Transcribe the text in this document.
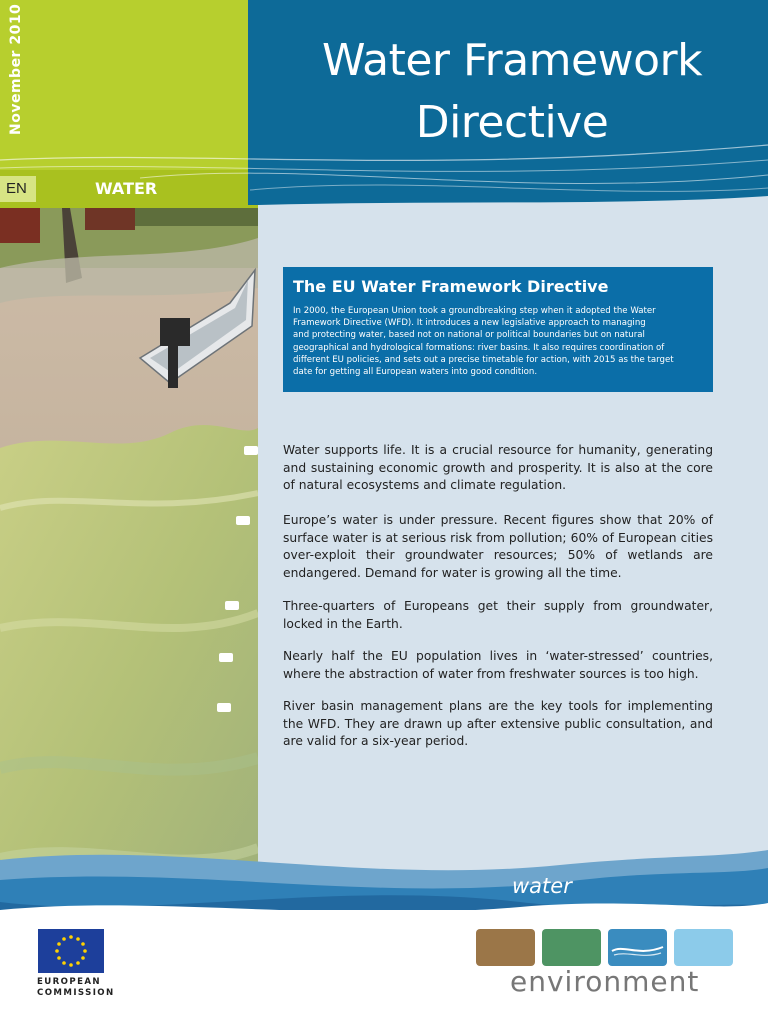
November 2010
EN	WATER
Water Framework
Directive
The EU Water Framework Directive
In 2000, the European Union took a groundbreaking step when it adopted the Water
Framework Directive (WFD). It introduces a new legislative approach to managing
and protecting water, based not on national or political boundaries but on natural
geographical and hydrological formations: river basins. It also requires coordination of
different EU policies, and sets out a precise timetable for action, with 2015 as the target
date for getting all European waters into good condition.
Water supports life. It is a crucial resource for humanity, generating and sustaining economic growth and prosperity. It is also at the core of natural ecosystems and climate regulation.
Europe’s water is under pressure. Recent figures show that 20% of surface water is at serious risk from pollution; 60% of European cities over-exploit their groundwater resources; 50% of wetlands are endangered. Demand for water is growing all the time.
Three-quarters of Europeans get their supply from groundwater, locked in the Earth.
Nearly half the EU population lives in ‘water-stressed’ countries, where the abstraction of water from freshwater sources is too high.
River basin management plans are the key tools for implementing the WFD. They are drawn up after extensive public consultation, and are valid for a six-year period.
water
EUROPEAN
COMMISSION	environment
